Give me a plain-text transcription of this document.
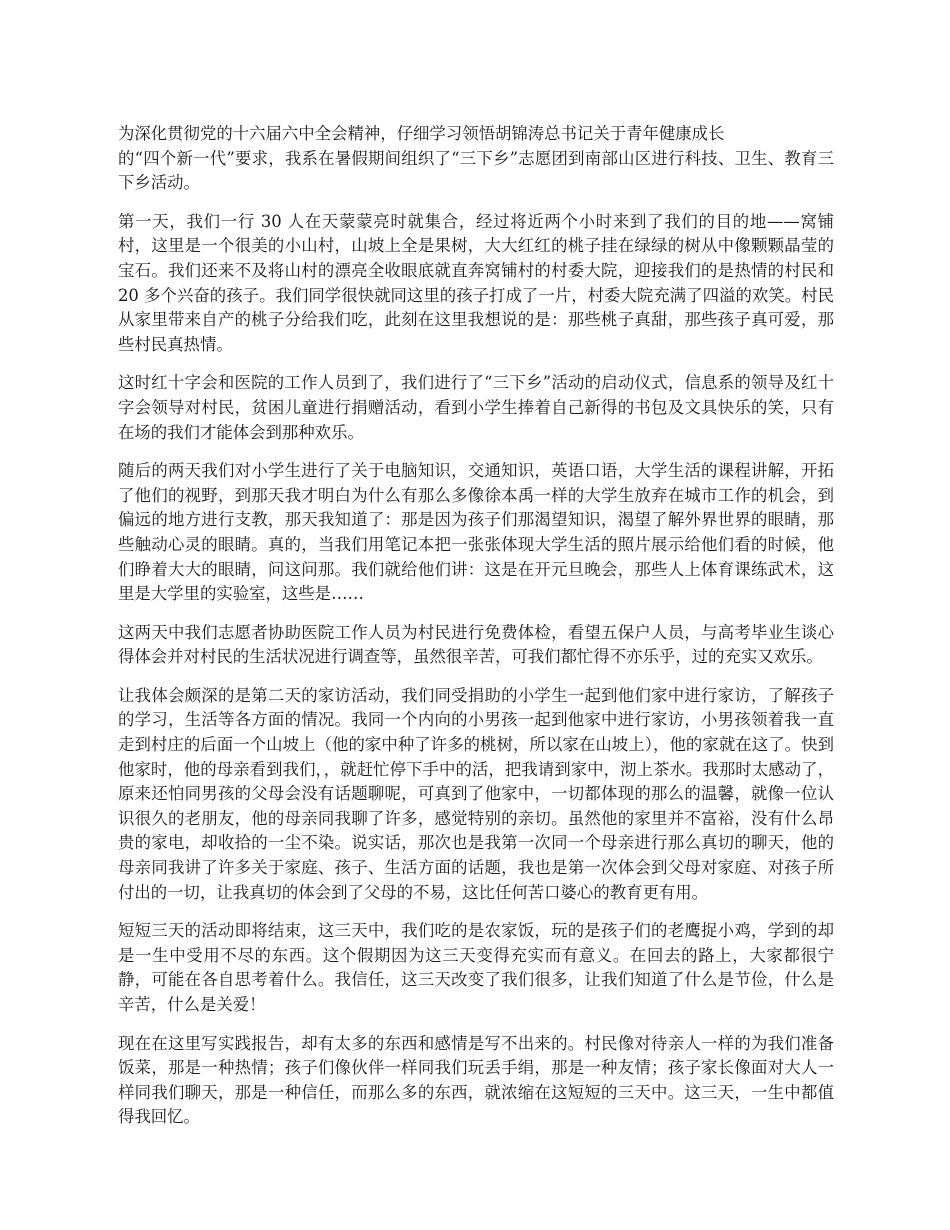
为深化贯彻党的十六届六中全会精神，仔细学习领悟胡锦涛总书记关于青年健康成长
的“四个新一代”要求，我系在暑假期间组织了“三下乡”志愿团到南部山区进行科技、卫生、教育三下乡活动。

第一天，我们一行 30 人在天蒙蒙亮时就集合，经过将近两个小时来到了我们的目的地——窝铺村，这里是一个很美的小山村，山坡上全是果树，大大红红的桃子挂在绿绿的树从中像颗颗晶莹的宝石。我们还来不及将山村的漂亮全收眼底就直奔窝铺村的村委大院，迎接我们的是热情的村民和 20 多个兴奋的孩子。我们同学很快就同这里的孩子打成了一片，村委大院充满了四溢的欢笑。村民从家里带来自产的桃子分给我们吃，此刻在这里我想说的是：那些桃子真甜，那些孩子真可爱，那些村民真热情。

这时红十字会和医院的工作人员到了，我们进行了“三下乡”活动的启动仪式，信息系的领导及红十字会领导对村民，贫困儿童进行捐赠活动，看到小学生捧着自己新得的书包及文具快乐的笑，只有在场的我们才能体会到那种欢乐。

随后的两天我们对小学生进行了关于电脑知识，交通知识，英语口语，大学生活的课程讲解，开拓了他们的视野，到那天我才明白为什么有那么多像徐本禹一样的大学生放弃在城市工作的机会，到偏远的地方进行支教，那天我知道了：那是因为孩子们那渴望知识，渴望了解外界世界的眼睛，那些触动心灵的眼睛。真的，当我们用笔记本把一张张体现大学生活的照片展示给他们看的时候，他们睁着大大的眼睛，问这问那。我们就给他们讲：这是在开元旦晚会，那些人上体育课练武术，这里是大学里的实验室，这些是……

这两天中我们志愿者协助医院工作人员为村民进行免费体检，看望五保户人员，与高考毕业生谈心得体会并对村民的生活状况进行调查等，虽然很辛苦，可我们都忙得不亦乐乎，过的充实又欢乐。

让我体会颇深的是第二天的家访活动，我们同受捐助的小学生一起到他们家中进行家访，了解孩子的学习，生活等各方面的情况。我同一个内向的小男孩一起到他家中进行家访，小男孩领着我一直走到村庄的后面一个山坡上（他的家中种了许多的桃树，所以家在山坡上），他的家就在这了。快到他家时，他的母亲看到我们，，就赶忙停下手中的活，把我请到家中，沏上茶水。我那时太感动了，原来还怕同男孩的父母会没有话题聊呢，可真到了他家中，一切都体现的那么的温馨，就像一位认识很久的老朋友，他的母亲同我聊了许多，感觉特别的亲切。虽然他的家里并不富裕，没有什么昂贵的家电，却收拾的一尘不染。说实话，那次也是我第一次同一个母亲进行那么真切的聊天，他的母亲同我讲了许多关于家庭、孩子、生活方面的话题，我也是第一次体会到父母对家庭、对孩子所付出的一切，让我真切的体会到了父母的不易，这比任何苦口婆心的教育更有用。

短短三天的活动即将结束，这三天中，我们吃的是农家饭，玩的是孩子们的老鹰捉小鸡，学到的却是一生中受用不尽的东西。这个假期因为这三天变得充实而有意义。在回去的路上，大家都很宁静，可能在各自思考着什么。我信任，这三天改变了我们很多，让我们知道了什么是节俭，什么是辛苦，什么是关爱！

现在在这里写实践报告，却有太多的东西和感情是写不出来的。村民像对待亲人一样的为我们准备饭菜，那是一种热情；孩子们像伙伴一样同我们玩丢手绢，那是一种友情；孩子家长像面对大人一样同我们聊天，那是一种信任，而那么多的东西，就浓缩在这短短的三天中。这三天，一生中都值得我回忆。
